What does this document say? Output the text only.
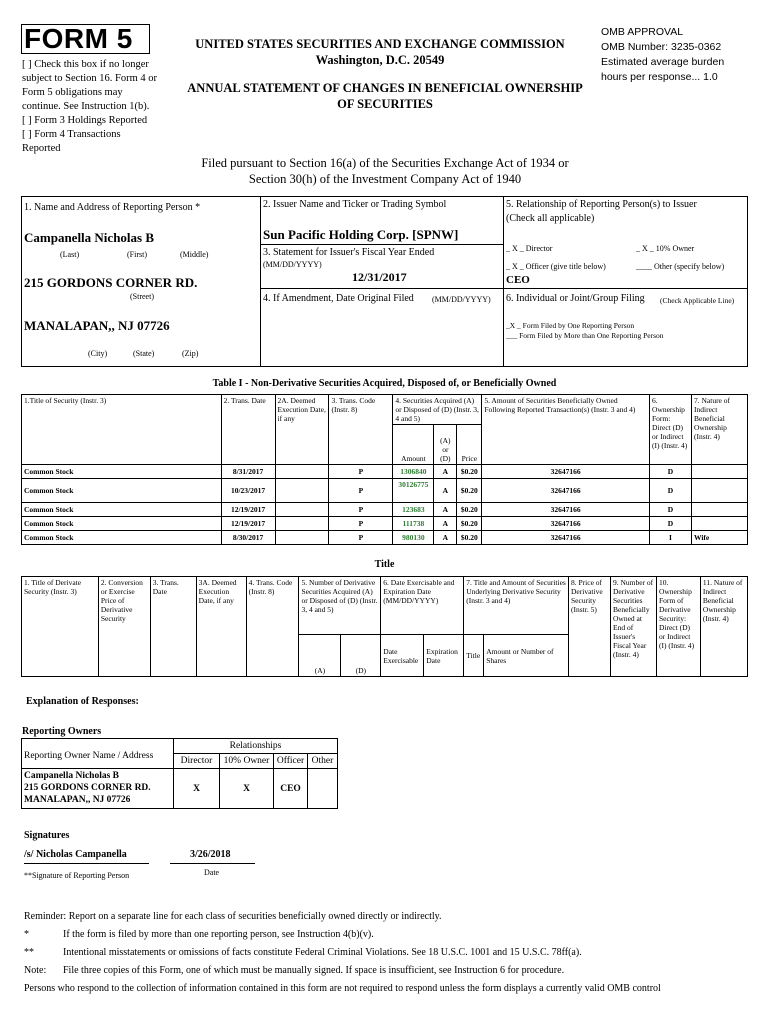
FORM 5
[ ] Check this box if no longer
subject to Section 16. Form 4 or
Form 5 obligations may
continue. See Instruction 1(b).
[ ] Form 3 Holdings Reported
[ ] Form 4 Transactions
Reported
UNITED STATES SECURITIES AND EXCHANGE COMMISSION
Washington, D.C. 20549
OMB APPROVAL
OMB Number: 3235-0362
Estimated average burden
hours per response... 1.0
ANNUAL STATEMENT OF CHANGES IN BENEFICIAL OWNERSHIP
OF SECURITIES
Filed pursuant to Section 16(a) of the Securities Exchange Act of 1934 or
Section 30(h) of the Investment Company Act of 1940
1. Name and Address of Reporting Person *
Campanella Nicholas B
(Last)	(First)	(Middle)
215 GORDONS CORNER RD.
(Street)
MANALAPAN,, NJ 07726
(City)	(State)	(Zip)
2. Issuer Name and Ticker or Trading Symbol
Sun Pacific Holding Corp. [SPNW]
3. Statement for Issuer's Fiscal Year Ended
(MM/DD/YYYY)
12/31/2017
4. If Amendment, Date Original Filed (MM/DD/YYYY)
5. Relationship of Reporting Person(s) to Issuer
(Check all applicable)
_ X _ Director	_ X _ 10% Owner
_ X _ Officer (give title below)	____ Other (specify below)
CEO
6. Individual or Joint/Group Filing (Check Applicable Line)
_X _ Form Filed by One Reporting Person
___ Form Filed by More than One Reporting Person
Table I - Non-Derivative Securities Acquired, Disposed of, or Beneficially Owned
1.Title of Security (Instr. 3)	2. Trans. Date	2A. Deemed Execution Date, if any	3. Trans. Code (Instr. 8)	4. Securities Acquired (A) or Disposed of (D) (Instr. 3, 4 and 5)			5. Amount of Securities Beneficially Owned Following Reported Transaction(s) (Instr. 3 and 4)	6. Ownership Form: Direct (D) or Indirect (I) (Instr. 4)	7. Nature of Indirect Beneficial Ownership (Instr. 4)
				Amount	(A) or (D)	Price			
Common Stock	8/31/2017		P	1306840	A	$0.20	32647166	D	
Common Stock	10/23/2017		P	30126775	A	$0.20	32647166	D	
Common Stock	12/19/2017		P	123683	A	$0.20	32647166	D	
Common Stock	12/19/2017		P	111738	A	$0.20	32647166	D	
Common Stock	8/30/2017		P	980130	A	$0.20	32647166	I	Wife
Title
1. Title of Derivate Security (Instr. 3)	2. Conversion or Exercise Price of Derivative Security	3. Trans. Date	3A. Deemed Execution Date, if any	4. Trans. Code (Instr. 8)	5. Number of Derivative Securities Acquired (A) or Disposed of (D) (Instr. 3, 4 and 5)		6. Date Exercisable and Expiration Date (MM/DD/YYYY)		7. Title and Amount of Securities Underlying Derivative Security (Instr. 3 and 4)		8. Price of Derivative Security (Instr. 5)	9. Number of Derivative Securities Beneficially Owned at End of Issuer's Fiscal Year (Instr. 4)	10. Ownership Form of Derivative Security: Direct (D) or Indirect (I) (Instr. 4)	11. Nature of Indirect Beneficial Ownership (Instr. 4)
					(A)	(D)	Date Exercisable	Expiration Date	Title	Amount or Number of Shares				
Explanation of Responses:
Reporting Owners
Reporting Owner Name / Address	Relationships			
	Director	10% Owner	Officer	Other

Campanella Nicholas B
215 GORDONS CORNER RD.
MANALAPAN,, NJ 07726	X	X	CEO	
Signatures
/s/ Nicholas Campanella	3/26/2018
**Signature of Reporting Person	Date
Reminder: Report on a separate line for each class of securities beneficially owned directly or indirectly.
*	If the form is filed by more than one reporting person, see Instruction 4(b)(v).
**	Intentional misstatements or omissions of facts constitute Federal Criminal Violations. See 18 U.S.C. 1001 and 15 U.S.C. 78ff(a).
Note: File three copies of this Form, one of which must be manually signed. If space is insufficient, see Instruction 6 for procedure.
Persons who respond to the collection of information contained in this form are not required to respond unless the form displays a currently valid OMB control
